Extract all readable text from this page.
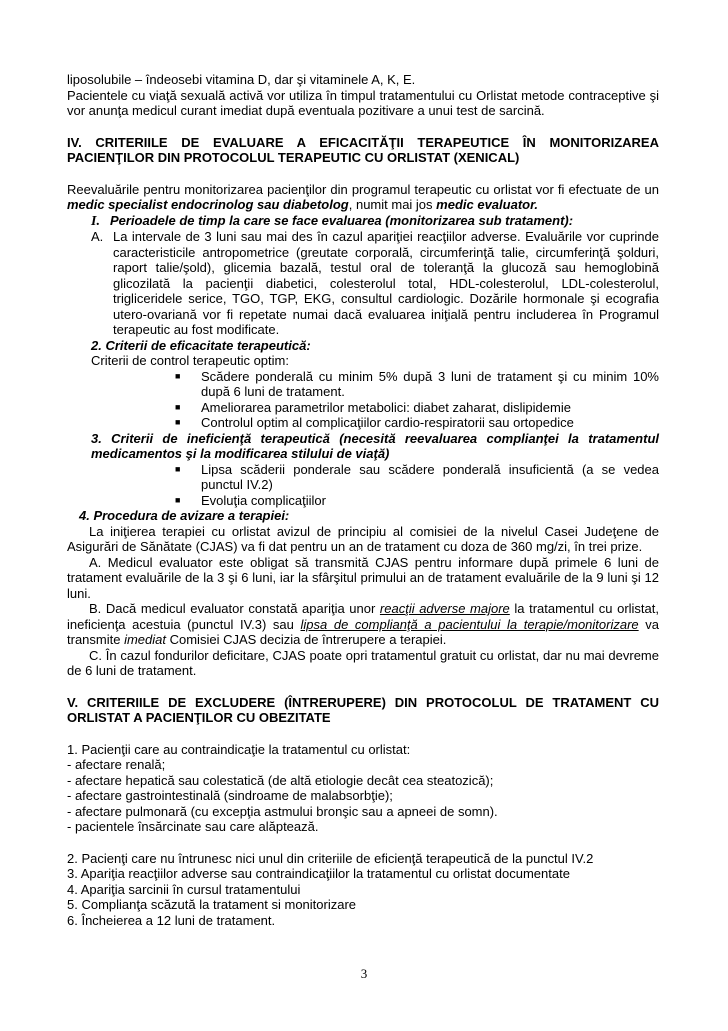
liposolubile – îndeosebi vitamina D, dar şi vitaminele A, K, E.

Pacientele cu viaţă sexuală activă vor utiliza în timpul tratamentului cu Orlistat metode contraceptive şi vor anunţa medicul curant imediat după eventuala pozitivare a unui test de sarcină.

IV. CRITERIILE DE EVALUARE A EFICACITĂŢII TERAPEUTICE ÎN MONITORIZAREA PACIENŢILOR DIN PROTOCOLUL TERAPEUTIC CU ORLISTAT (XENICAL)

Reevaluările pentru monitorizarea pacienţilor din programul terapeutic cu orlistat vor fi efectuate de un medic specialist endocrinolog sau diabetolog, numit mai jos medic evaluator.

I. Perioadele de timp la care se face evaluarea (monitorizarea sub tratament):

A. La intervale de 3 luni sau mai des în cazul apariţiei reacţiilor adverse. Evaluările vor cuprinde caracteristicile antropometrice (greutate corporală, circumferinţă talie, circumferinţă şolduri, raport talie/şold), glicemia bazală, testul oral de toleranţă la glucoză sau hemoglobină glicozilată la pacienţii diabetici, colesterolul total, HDL-colesterolul, LDL-colesterolul, trigliceridele serice, TGO, TGP, EKG, consultul cardiologic. Dozările hormonale şi ecografia utero-ovariană vor fi repetate numai dacă evaluarea iniţială pentru includerea în Programul terapeutic au fost modificate.

2. Criterii de eficacitate terapeutică:

Criterii de control terapeutic optim:

■	Scădere ponderală cu minim 5% după 3 luni de tratament şi cu minim 10% după 6 luni de tratament.
■	Ameliorarea parametrilor metabolici: diabet zaharat, dislipidemie
■	Controlul optim al complicaţiilor cardio-respiratorii sau ortopedice

3. Criterii de ineficienţă terapeutică (necesită reevaluarea complianţei la tratamentul medicamentos şi la modificarea stilului de viaţă)

■	Lipsa scăderii ponderale sau scădere ponderală insuficientă (a se vedea punctul IV.2)
■	Evoluţia complicaţiilor

4. Procedura de avizare a terapiei:

La iniţierea terapiei cu orlistat avizul de principiu al comisiei de la nivelul Casei Judeţene de Asigurări de Sănătate (CJAS) va fi dat pentru un an de tratament cu doza de 360 mg/zi, în trei prize.

A. Medicul evaluator este obligat să transmită CJAS pentru informare după primele 6 luni de tratament evaluările de la 3 şi 6 luni, iar la sfârşitul primului an de tratament evaluările de la 9 luni şi 12 luni.

B. Dacă medicul evaluator constată apariţia unor reacţii adverse majore la tratamentul cu orlistat, ineficienţa acestuia (punctul IV.3) sau lipsa de complianţă a pacientului la terapie/monitorizare va transmite imediat Comisiei CJAS decizia de întrerupere a terapiei.

C. În cazul fondurilor deficitare, CJAS poate opri tratamentul gratuit cu orlistat, dar nu mai devreme de 6 luni de tratament.

V. CRITERIILE DE EXCLUDERE (ÎNTRERUPERE) DIN PROTOCOLUL DE TRATAMENT CU ORLISTAT A PACIENŢILOR CU OBEZITATE

1. Pacienţii care au contraindicaţie la tratamentul cu orlistat:

- afectare renală;

- afectare hepatică sau colestatică (de altă etiologie decât cea steatozică);

- afectare gastrointestinală (sindroame de malabsorbţie);

- afectare pulmonară (cu excepţia astmului bronşic sau a apneei de somn).

- pacientele însărcinate sau care alăptează.

2. Pacienţi care nu întrunesc nici unul din criteriile de eficienţă terapeutică de la punctul IV.2

3. Apariţia reacţiilor adverse sau contraindicaţiilor la tratamentul cu orlistat documentate

4. Apariţia sarcinii în cursul tratamentului

5. Complianţa scăzută la tratament si monitorizare

6. Încheierea a 12 luni de tratament.

3
